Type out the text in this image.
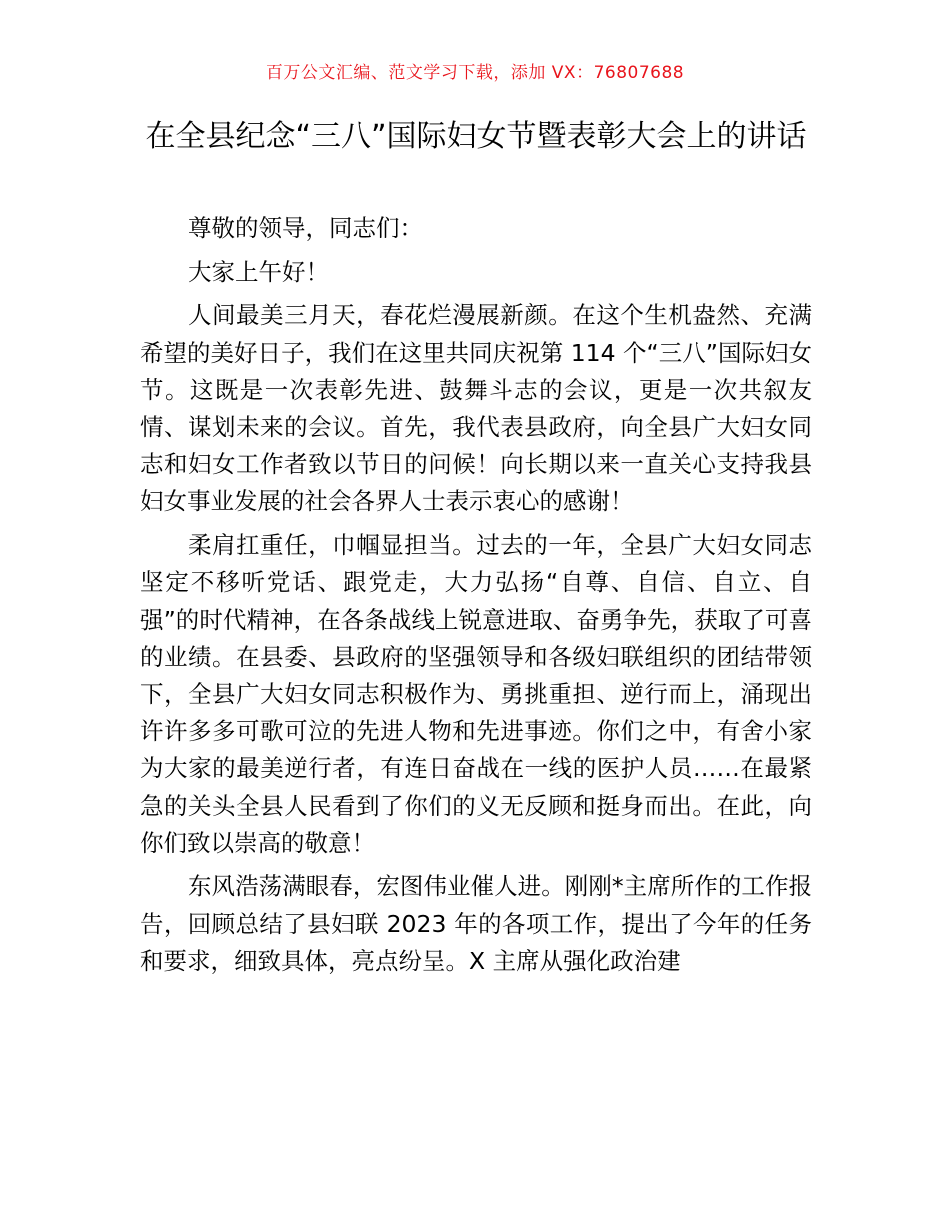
百万公文汇编、范文学习下载，添加 VX：76807688
在全县纪念“三八”国际妇女节暨表彰大会上的讲话

尊敬的领导，同志们：

大家上午好！

人间最美三月天，春花烂漫展新颜。在这个生机盎然、充满希望的美好日子，我们在这里共同庆祝第 114 个“三八”国际妇女节。这既是一次表彰先进、鼓舞斗志的会议，更是一次共叙友情、谋划未来的会议。首先，我代表县政府，向全县广大妇女同志和妇女工作者致以节日的问候！向长期以来一直关心支持我县妇女事业发展的社会各界人士表示衷心的感谢！

柔肩扛重任，巾帼显担当。过去的一年，全县广大妇女同志坚定不移听党话、跟党走，大力弘扬“自尊、自信、自立、自强”的时代精神，在各条战线上锐意进取、奋勇争先，获取了可喜的业绩。在县委、县政府的坚强领导和各级妇联组织的团结带领下，全县广大妇女同志积极作为、勇挑重担、逆行而上，涌现出许许多多可歌可泣的先进人物和先进事迹。你们之中，有舍小家为大家的最美逆行者，有连日奋战在一线的医护人员……在最紧急的关头全县人民看到了你们的义无反顾和挺身而出。在此，向你们致以崇高的敬意！

东风浩荡满眼春，宏图伟业催人进。刚刚*主席所作的工作报告，回顾总结了县妇联 2023 年的各项工作，提出了今年的任务和要求，细致具体，亮点纷呈。X 主席从强化政治建
